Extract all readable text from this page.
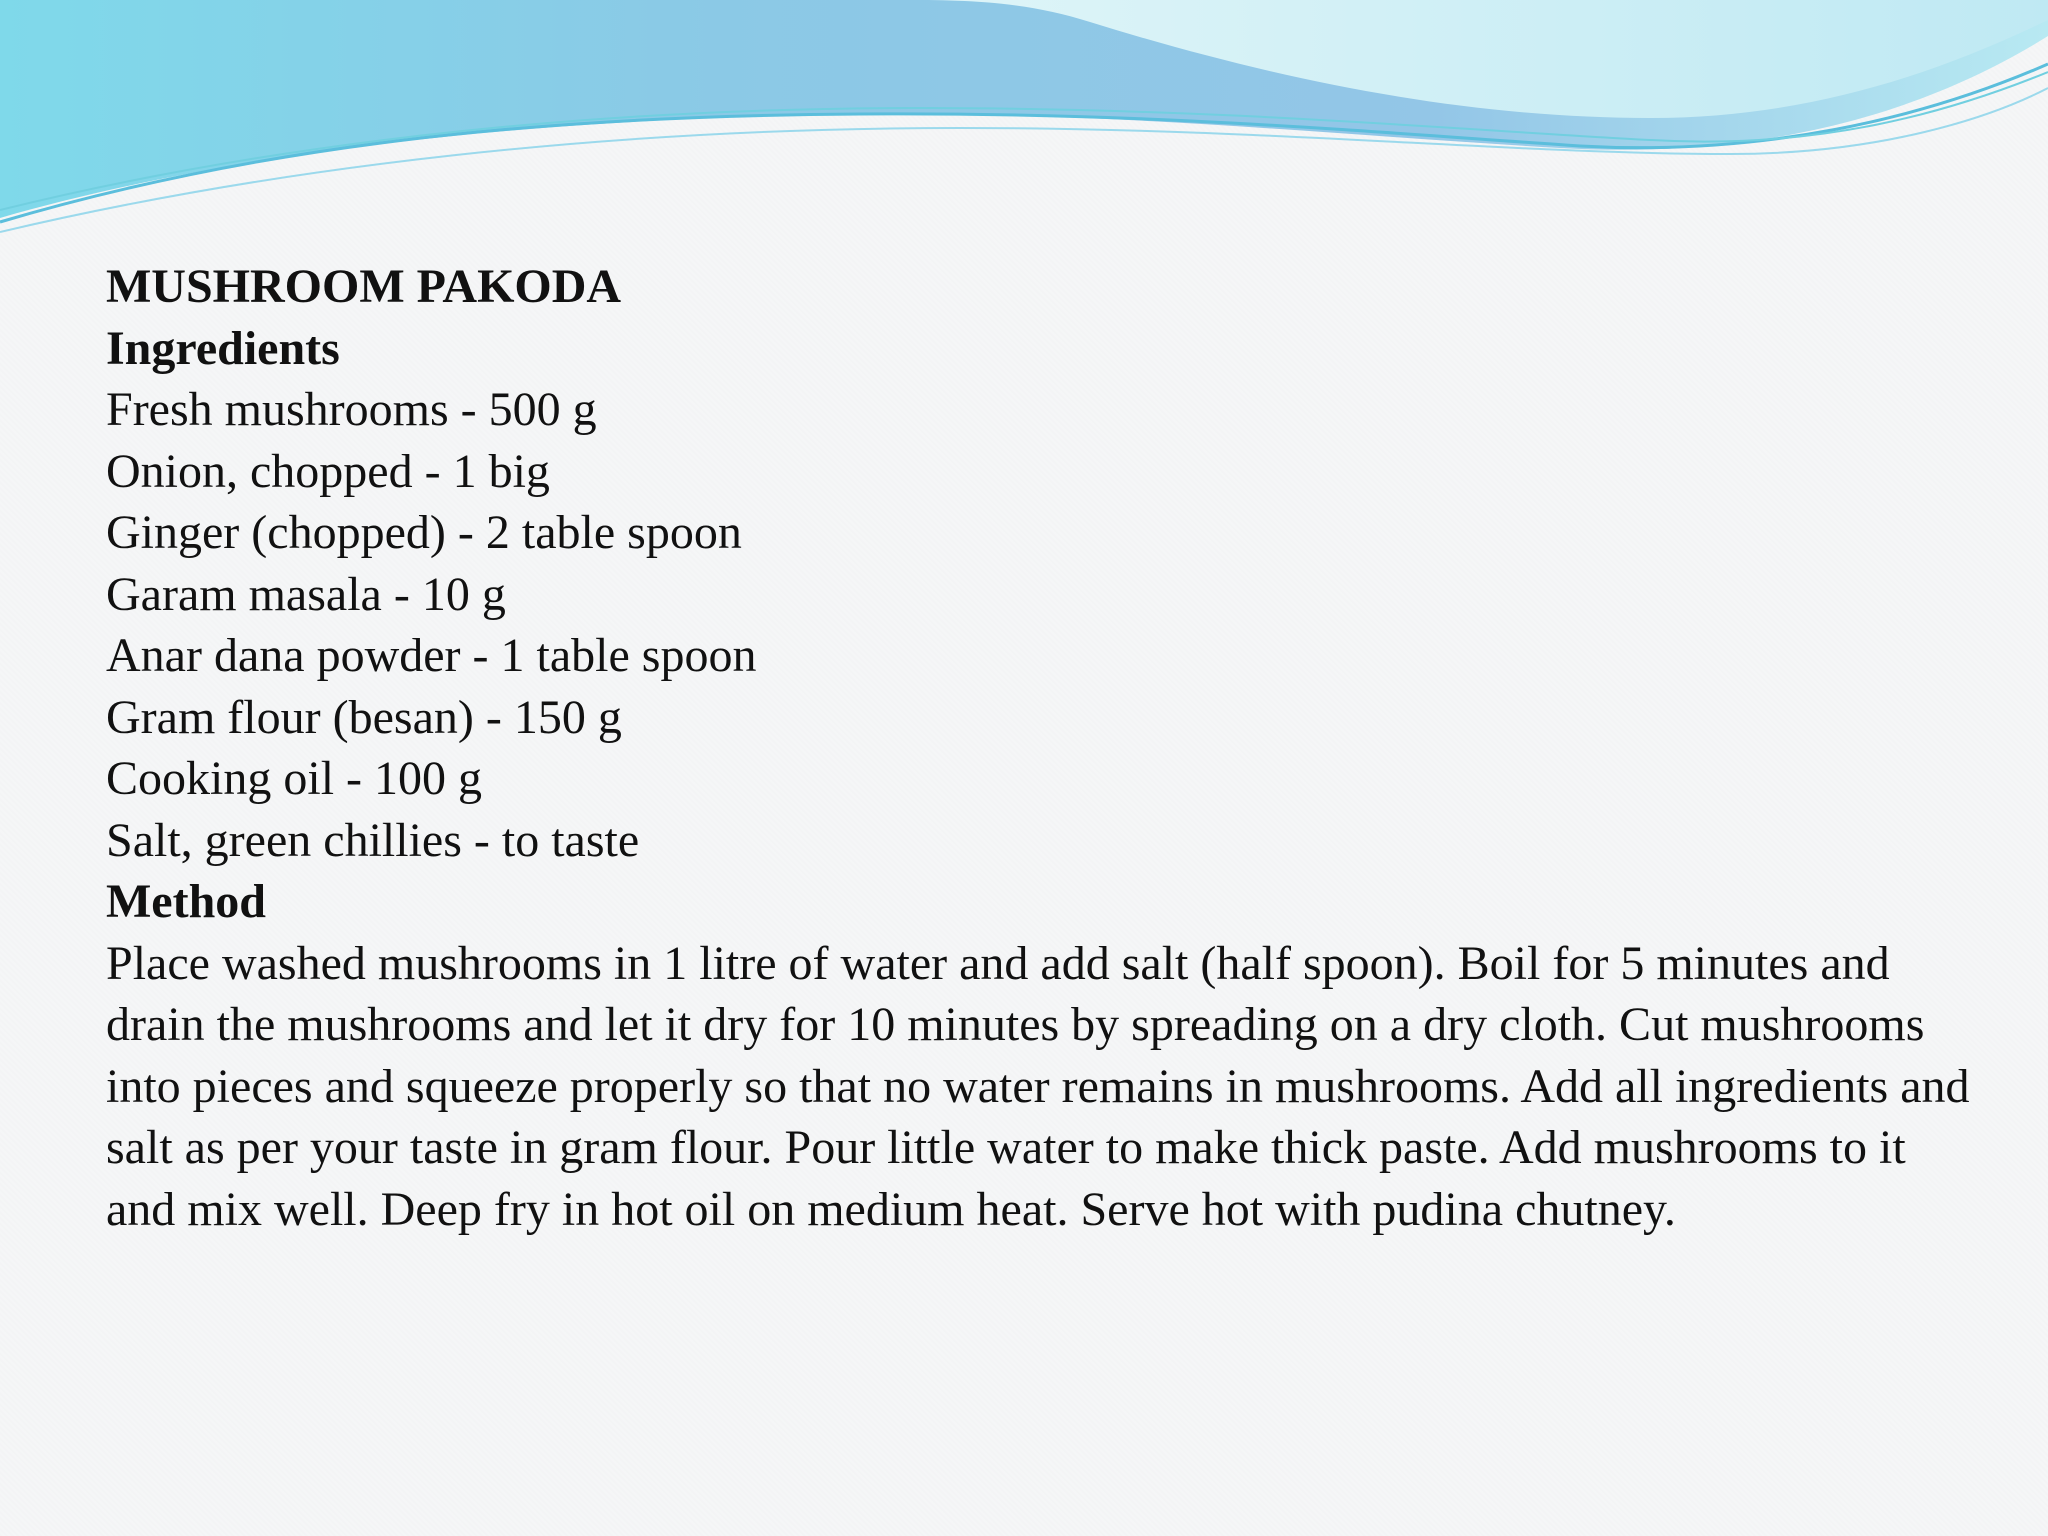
MUSHROOM PAKODA
Ingredients
Fresh mushrooms - 500 g
Onion, chopped - 1 big
Ginger (chopped) - 2 table spoon
Garam masala - 10 g
Anar dana powder - 1 table spoon
Gram flour (besan) - 150 g
Cooking oil - 100 g
Salt, green chillies - to taste
Method
Place washed mushrooms in 1 litre of water and add salt (half spoon). Boil for 5 minutes and drain the mushrooms and let it dry for 10 minutes by spreading on a dry cloth. Cut mushrooms into pieces and squeeze properly so that no water remains in mushrooms. Add all ingredients and salt as per your taste in gram flour. Pour little water to make thick paste. Add mushrooms to it and mix well. Deep fry in hot oil on medium heat. Serve hot with pudina chutney.
